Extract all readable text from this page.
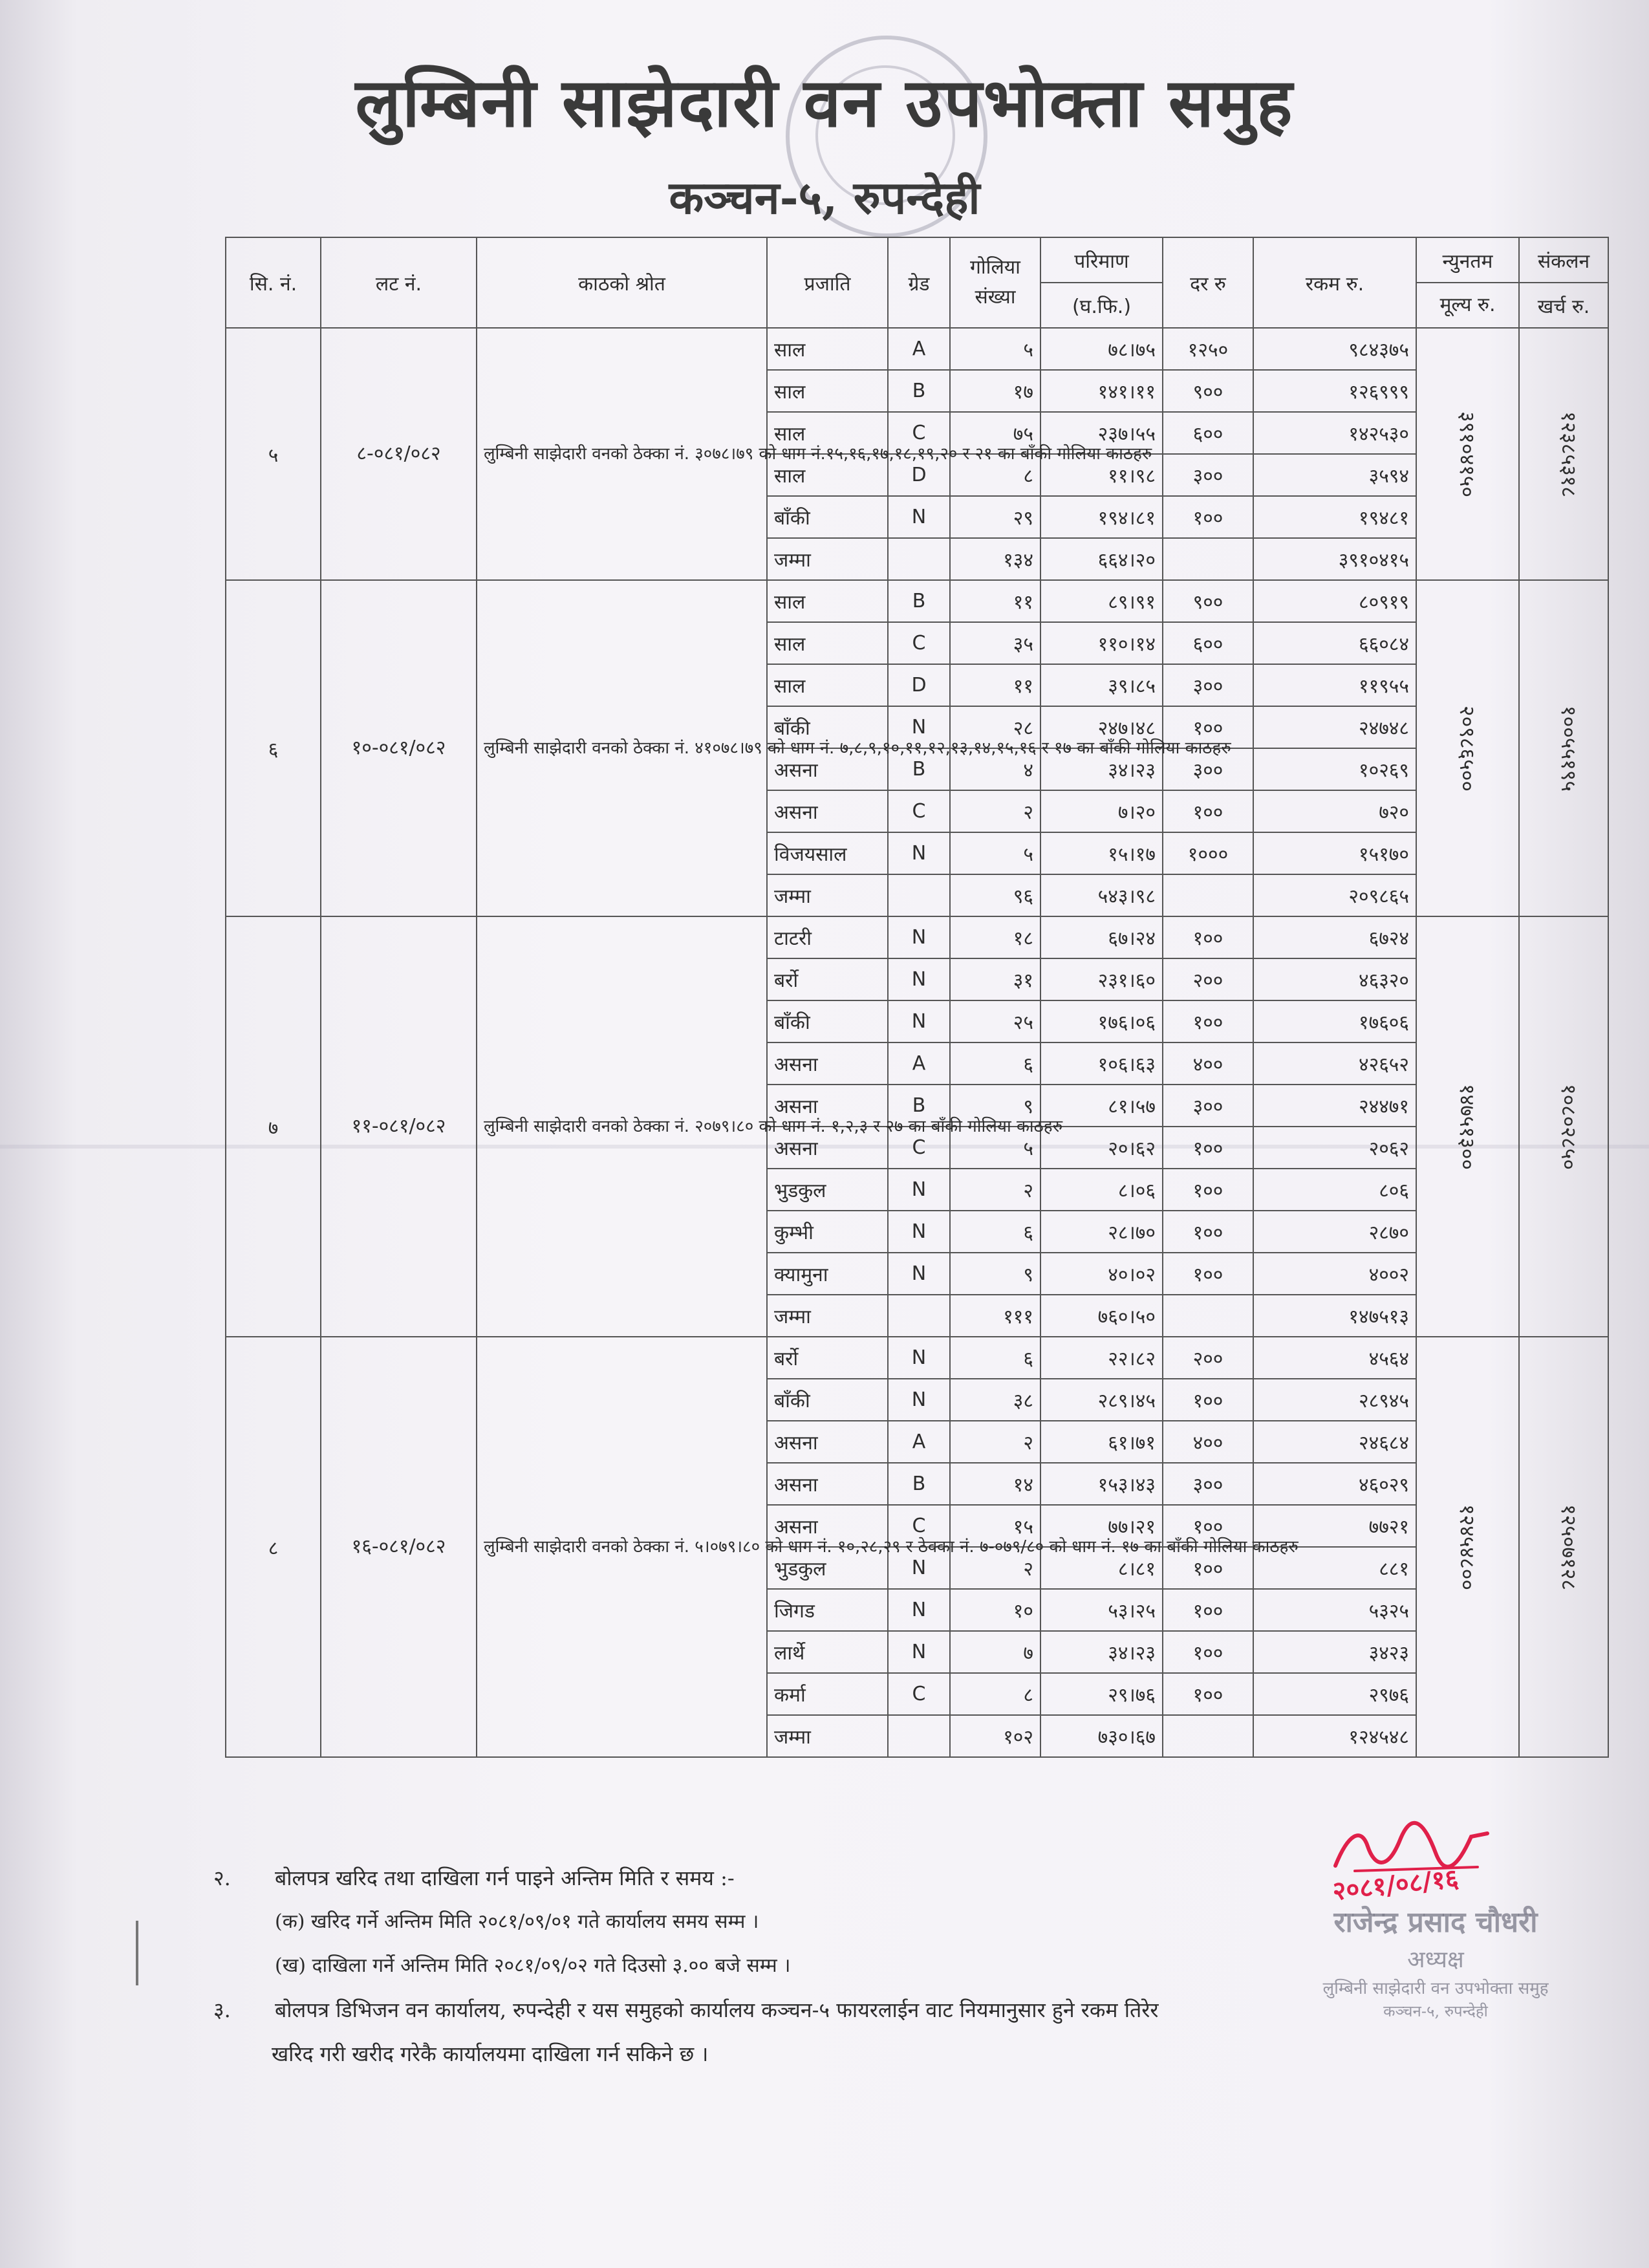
लुम्बिनी साझेदारी वन उपभोक्ता समुह
कञ्चन-५, रुपन्देही
सि. नं.	लट नं.	काठको श्रोत	प्रजाति	ग्रेड	गोलिया संख्या	परिमाण	दर रु	रकम रु.	न्युनतम	संकलन
						(घ.फि.)			मूल्य रु.	खर्च रु.
५	८-०८१/०८२	लुम्बिनी साझेदारी वनको ठेक्का नं. ३०७८।७९ को धाग नं.१५,१६,१७,१८,१९,२० र २१ का बाँकी गोलिया काठहरु	साल	A	५	७८।७५	१२५०	९८४३७५	३९१०४१५०	१२३८५३१८
			साल	B	१७	१४१।११	९००	१२६९९९		
			साल	C	७५	२३७।५५	६००	१४२५३०		
			साल	D	८	११।९८	३००	३५९४		
			बाँकी	N	२९	१९४।८१	१००	१९४८१		
			जम्मा		१३४	६६४।२०		३९१०४१५		
६	१०-०८१/०८२	लुम्बिनी साझेदारी वनको ठेक्का नं. ४१०७८।७९ को धाग नं. ७,८,९,१०,११,१२,१३,१४,१५,१६ र १७ का बाँकी गोलिया काठहरु	साल	B	११	८९।९१	९००	८०९१९	२०९८६५००	१००५५१९५
			साल	C	३५	११०।१४	६००	६६०८४		
			साल	D	११	३९।८५	३००	११९५५		
			बाँकी	N	२८	२४७।४८	१००	२४७४८		
			असना	B	४	३४।२३	३००	१०२६९		
			असना	C	२	७।२०	१००	७२०		
			विजयसाल	N	५	१५।१७	१०००	१५१७०		
			जम्मा		९६	५४३।९८		२०९८६५		
७	११-०८१/०८२	लुम्बिनी साझेदारी वनको ठेक्का नं. २०७९।८० को धाग नं. १,२,३ र २७ का बाँकी गोलिया काठहरु	टाटरी	N	१८	६७।२४	१००	६७२४	१४७५१३००	१०८०२८५०
			बर्रो	N	३१	२३१।६०	२००	४६३२०		
			बाँकी	N	२५	१७६।०६	१००	१७६०६		
			असना	A	६	१०६।६३	४००	४२६५२		
			असना	B	९	८१।५७	३००	२४४७१		
			असना	C	५	२०।६२	१००	२०६२		
			भुडकुल	N	२	८।०६	१००	८०६		
			कुम्भी	N	६	२८।७०	१००	२८७०		
			क्यामुना	N	९	४०।०२	१००	४००२		
			जम्मा		१११	७६०।५०		१४७५१३		
८	१६-०८१/०८२	लुम्बिनी साझेदारी वनको ठेक्का नं. ५।०७९।८० को धाग नं. १०,२८,२९ र ठेक्का नं. ७-०७९/८० को धाग नं. १७ का बाँकी गोलिया काठहरु	बर्रो	N	६	२२।८२	२००	४५६४	१२४५४८००	१२५०७१२८
			बाँकी	N	३८	२८९।४५	१००	२८९४५		
			असना	A	२	६१।७१	४००	२४६८४		
			असना	B	१४	१५३।४३	३००	४६०२९		
			असना	C	१५	७७।२१	१००	७७२१		
			भुडकुल	N	२	८।८१	१००	८८१		
			जिगड	N	१०	५३।२५	१००	५३२५		
			लार्थे	N	७	३४।२३	१००	३४२३		
			कर्मा	C	८	२९।७६	१००	२९७६		
			जम्मा		१०२	७३०।६७		१२४५४८		
२. बोलपत्र खरिद तथा दाखिला गर्न पाइने अन्तिम मिति र समय :-
(क) खरिद गर्ने अन्तिम मिति २०८१/०९/०१ गते कार्यालय समय सम्म ।
(ख) दाखिला गर्ने अन्तिम मिति २०८१/०९/०२ गते दिउसो ३.०० बजे सम्म ।
३. बोलपत्र डिभिजन वन कार्यालय, रुपन्देही र यस समुहको कार्यालय कञ्चन-५ फायरलाईन वाट नियमानुसार हुने रकम तिरेर
खरिद गरी खरीद गरेकै कार्यालयमा दाखिला गर्न सकिने छ ।
२०८१/०८/१६
राजेन्द्र प्रसाद चौधरी
अध्यक्ष
लुम्बिनी साझेदारी वन उपभोक्ता समुह
कञ्चन-५, रुपन्देही
